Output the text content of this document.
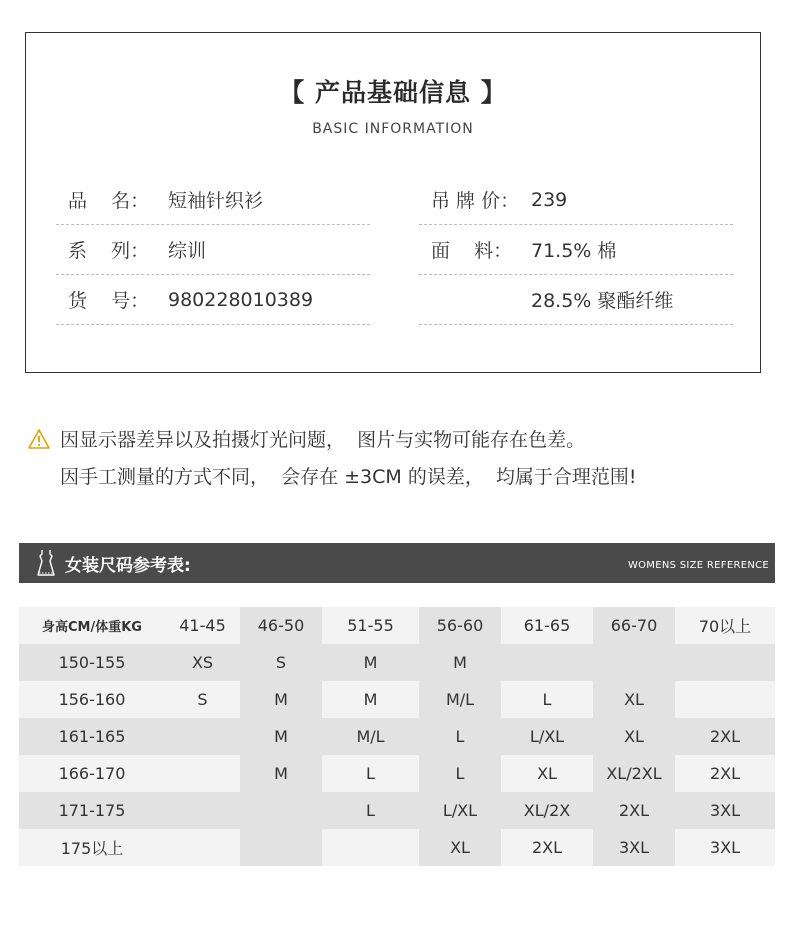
【 产品基础信息 】
BASIC INFORMATION
品    名： 短袖针织衫
系    列： 综训
货    号： 980228010389
吊 牌 价： 239
面    料： 71.5% 棉
28.5% 聚酯纤维
因显示器差异以及拍摄灯光问题，  图片与实物可能存在色差。
因手工测量的方式不同，  会存在 ±3CM 的误差，  均属于合理范围!
女装尺码参考表:	WOMENS SIZE REFERENCE
身高CM/体重KG	41-45	46-50	51-55	56-60	61-65	66-70	70以上
150-155	XS	S	M	M			
156-160	S	M	M	M/L	L	XL	
161-165		M	M/L	L	L/XL	XL	2XL
166-170		M	L	L	XL	XL/2XL	2XL
171-175			L	L/XL	XL/2X	2XL	3XL
175以上				XL	2XL	3XL	3XL
